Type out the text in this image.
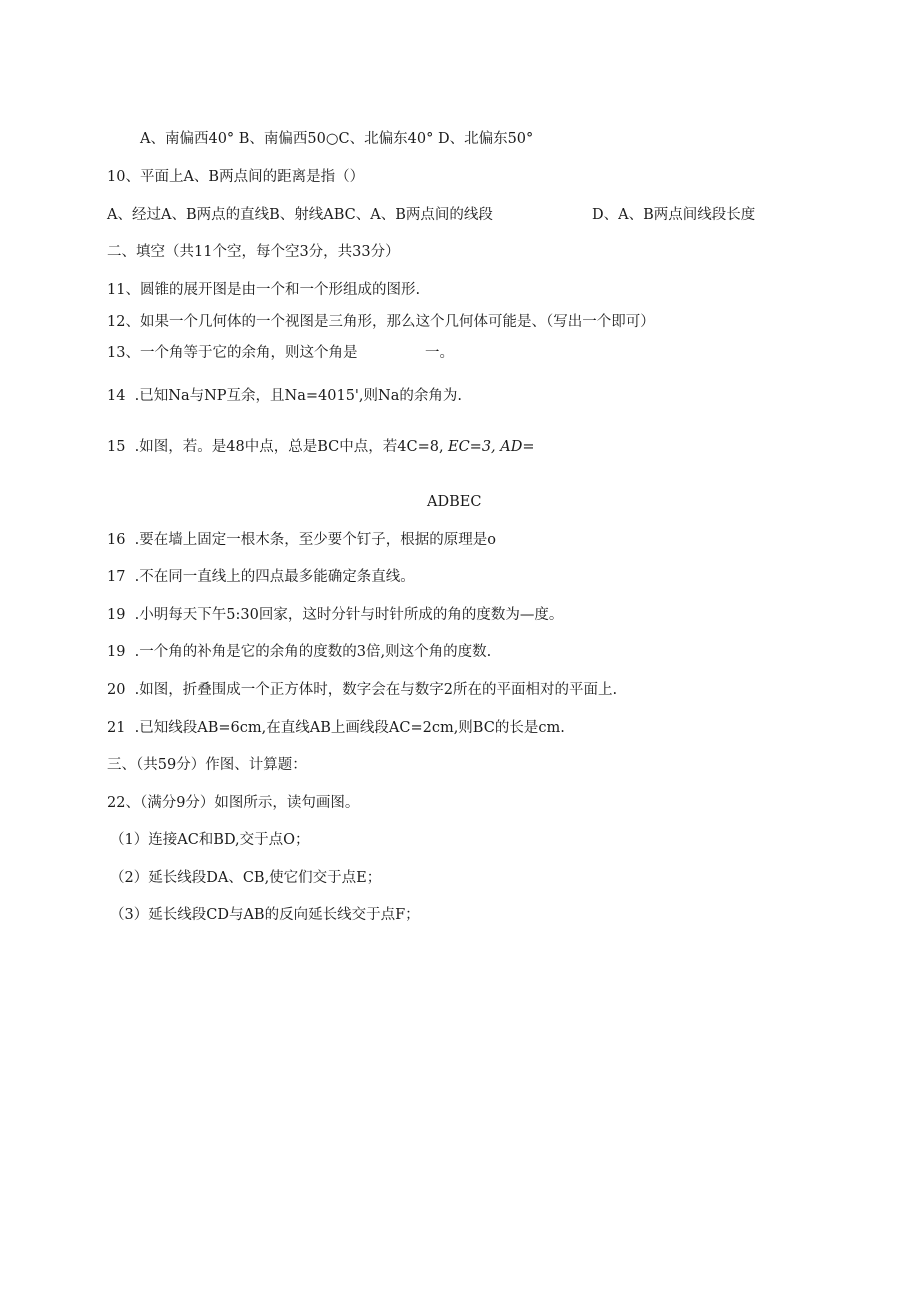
A、南偏西40° B、南偏西50○C、北偏东40° D、北偏东50°
10、平面上A、B两点间的距离是指（）
A、经过A、B两点的直线B、射线ABC、A、B两点间的线段	D、A、B两点间线段长度
二、填空（共11个空，每个空3分，共33分）
11、圆锥的展开图是由一个和一个形组成的图形.
12、如果一个几何体的一个视图是三角形，那么这个几何体可能是、（写出一个即可）
13、一个角等于它的余角，则这个角是	一。
14  .已知Na与NP互余，且Na=4015',则Na的余角为.
15  .如图，若。是48中点，总是BC中点，若4C=8, EC=3, AD=
ADBEC
16  .要在墙上固定一根木条，至少要个钉子，根据的原理是o
17  .不在同一直线上的四点最多能确定条直线。
19  .小明每天下午5:30回家，这时分针与时针所成的角的度数为—度。
19  .一个角的补角是它的余角的度数的3倍,则这个角的度数.
20  .如图，折叠围成一个正方体时，数字会在与数字2所在的平面相对的平面上.
21  .已知线段AB=6cm,在直线AB上画线段AC=2cm,则BC的长是cm.
三、（共59分）作图、计算题：
22、（满分9分）如图所示，读句画图。
（1）连接AC和BD,交于点O；
（2）延长线段DA、CB,使它们交于点E；
（3）延长线段CD与AB的反向延长线交于点F；
